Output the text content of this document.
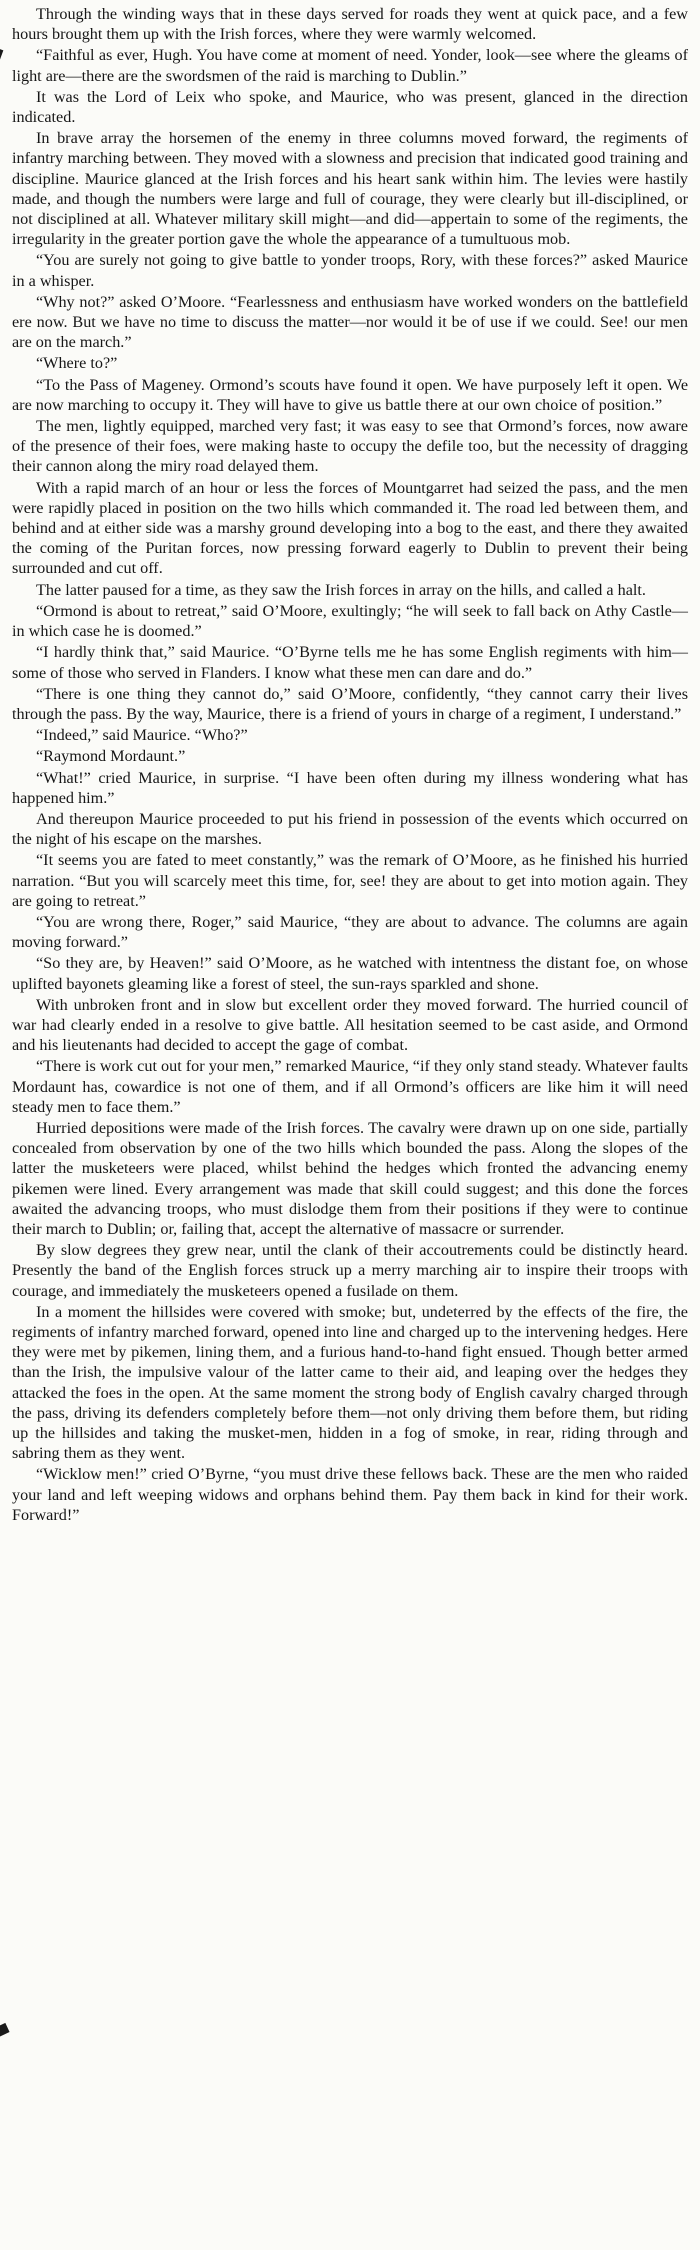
Through the winding ways that in these days served for roads they went at quick pace, and a few hours brought them up with the Irish forces, where they were warmly welcomed.

“Faithful as ever, Hugh. You have come at moment of need. Yonder, look—see where the gleams of light are—there are the swordsmen of the raid is marching to Dublin.”

It was the Lord of Leix who spoke, and Maurice, who was present, glanced in the direction indicated.

In brave array the horsemen of the enemy in three columns moved forward, the regiments of infantry marching between. They moved with a slowness and precision that indicated good training and discipline. Maurice glanced at the Irish forces and his heart sank within him. The levies were hastily made, and though the numbers were large and full of courage, they were clearly but ill-disciplined, or not disciplined at all. Whatever military skill might—and did—appertain to some of the regiments, the irregularity in the greater portion gave the whole the appearance of a tumultuous mob.

“You are surely not going to give battle to yonder troops, Rory, with these forces?” asked Maurice in a whisper.

“Why not?” asked O’Moore. “Fearlessness and enthusiasm have worked wonders on the battlefield ere now. But we have no time to discuss the matter—nor would it be of use if we could. See! our men are on the march.”

“Where to?”

“To the Pass of Mageney. Ormond’s scouts have found it open. We have purposely left it open. We are now marching to occupy it. They will have to give us battle there at our own choice of position.”

The men, lightly equipped, marched very fast; it was easy to see that Ormond’s forces, now aware of the presence of their foes, were making haste to occupy the defile too, but the necessity of dragging their cannon along the miry road delayed them.

With a rapid march of an hour or less the forces of Mountgarret had seized the pass, and the men were rapidly placed in position on the two hills which commanded it. The road led between them, and behind and at either side was a marshy ground developing into a bog to the east, and there they awaited the coming of the Puritan forces, now pressing forward eagerly to Dublin to prevent their being surrounded and cut off.

The latter paused for a time, as they saw the Irish forces in array on the hills, and called a halt.

“Ormond is about to retreat,” said O’Moore, exultingly; “he will seek to fall back on Athy Castle—in which case he is doomed.”

“I hardly think that,” said Maurice. “O’Byrne tells me he has some English regiments with him—some of those who served in Flanders. I know what these men can dare and do.”

“There is one thing they cannot do,” said O’Moore, confidently, “they cannot carry their lives through the pass. By the way, Maurice, there is a friend of yours in charge of a regiment, I understand.”

“Indeed,” said Maurice. “Who?”

“Raymond Mordaunt.”

“What!” cried Maurice, in surprise. “I have been often during my illness wondering what has happened him.”

And thereupon Maurice proceeded to put his friend in possession of the events which occurred on the night of his escape on the marshes.

“It seems you are fated to meet constantly,” was the remark of O’Moore, as he finished his hurried narration. “But you will scarcely meet this time, for, see! they are about to get into motion again. They are going to retreat.”

“You are wrong there, Roger,” said Maurice, “they are about to advance. The columns are again moving forward.”

“So they are, by Heaven!” said O’Moore, as he watched with intentness the distant foe, on whose uplifted bayonets gleaming like a forest of steel, the sun-rays sparkled and shone.

With unbroken front and in slow but excellent order they moved forward. The hurried council of war had clearly ended in a resolve to give battle. All hesitation seemed to be cast aside, and Ormond and his lieutenants had decided to accept the gage of combat.

“There is work cut out for your men,” remarked Maurice, “if they only stand steady. Whatever faults Mordaunt has, cowardice is not one of them, and if all Ormond’s officers are like him it will need steady men to face them.”

Hurried depositions were made of the Irish forces. The cavalry were drawn up on one side, partially concealed from observation by one of the two hills which bounded the pass. Along the slopes of the latter the musketeers were placed, whilst behind the hedges which fronted the advancing enemy pikemen were lined. Every arrangement was made that skill could suggest; and this done the forces awaited the advancing troops, who must dislodge them from their positions if they were to continue their march to Dublin; or, failing that, accept the alternative of massacre or surrender.

By slow degrees they grew near, until the clank of their accoutrements could be distinctly heard. Presently the band of the English forces struck up a merry marching air to inspire their troops with courage, and immediately the musketeers opened a fusilade on them.

In a moment the hillsides were covered with smoke; but, undeterred by the effects of the fire, the regiments of infantry marched forward, opened into line and charged up to the intervening hedges. Here they were met by pikemen, lining them, and a furious hand-to-hand fight ensued. Though better armed than the Irish, the impulsive valour of the latter came to their aid, and leaping over the hedges they attacked the foes in the open. At the same moment the strong body of English cavalry charged through the pass, driving its defenders completely before them—not only driving them before them, but riding up the hillsides and taking the musket-men, hidden in a fog of smoke, in rear, riding through and sabring them as they went.

“Wicklow men!” cried O’Byrne, “you must drive these fellows back. These are the men who raided your land and left weeping widows and orphans behind them. Pay them back in kind for their work. Forward!”
